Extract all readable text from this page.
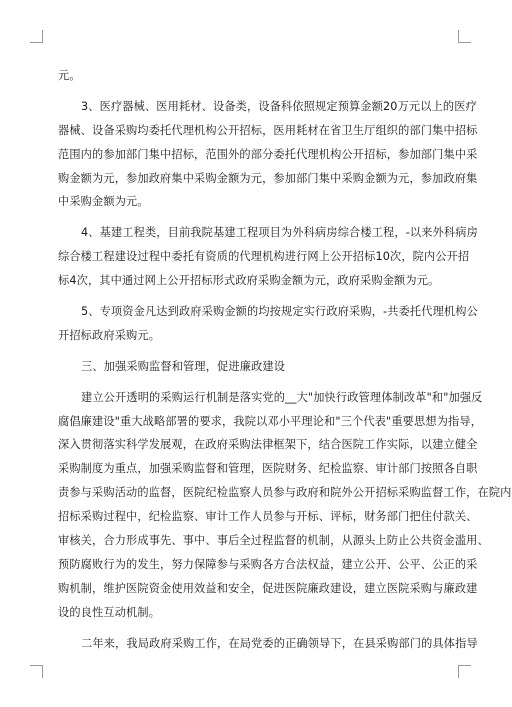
元。
3、医疗器械、医用耗材、设备类，设备科依照规定预算金额20万元以上的医疗
器械、设备采购均委托代理机构公开招标，医用耗材在省卫生厅组织的部门集中招标
范围内的参加部门集中招标，范围外的部分委托代理机构公开招标，参加部门集中采
购金额为元，参加政府集中采购金额为元，参加部门集中采购金额为元，参加政府集
中采购金额为元。
4、基建工程类，目前我院基建工程项目为外科病房综合楼工程，-以来外科病房
综合楼工程建设过程中委托有资质的代理机构进行网上公开招标10次，院内公开招
标4次，其中通过网上公开招标形式政府采购金额为元，政府采购金额为元。
5、专项资金凡达到政府采购金额的均按规定实行政府采购，-共委托代理机构公
开招标政府采购元。
三、加强采购监督和管理，促进廉政建设
建立公开透明的采购运行机制是落实党的__大"加快行政管理体制改革"和"加强反
腐倡廉建设"重大战略部署的要求，我院以邓小平理论和"三个代表"重要思想为指导，
深入贯彻落实科学发展观，在政府采购法律框架下，结合医院工作实际，以建立健全
采购制度为重点，加强采购监督和管理，医院财务、纪检监察、审计部门按照各自职
责参与采购活动的监督，医院纪检监察人员参与政府和院外公开招标采购监督工作，在院内
招标采购过程中，纪检监察、审计工作人员参与开标、评标，财务部门把住付款关、
审核关，合力形成事先、事中、事后全过程监督的机制，从源头上防止公共资金滥用、
预防腐败行为的发生，努力保障参与采购各方合法权益，建立公开、公平、公正的采
购机制，维护医院资金使用效益和安全，促进医院廉政建设，建立医院采购与廉政建
设的良性互动机制。
二年来，我局政府采购工作，在局党委的正确领导下，在县采购部门的具体指导
